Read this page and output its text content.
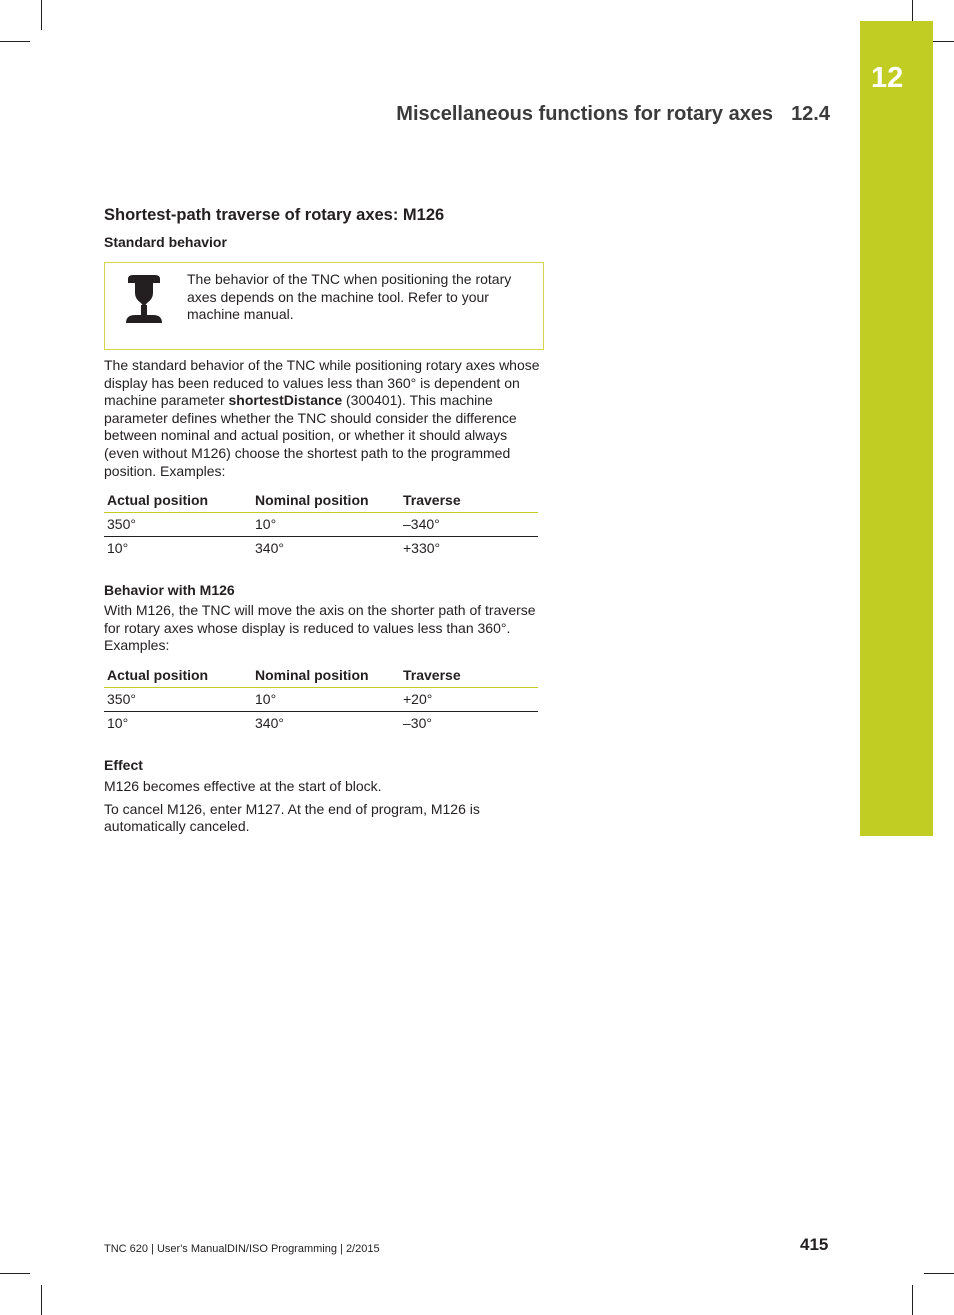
12
Miscellaneous functions for rotary axes 12.4
Shortest-path traverse of rotary axes: M126
Standard behavior
The behavior of the TNC when positioning the rotary axes depends on the machine tool. Refer to your machine manual.

The standard behavior of the TNC while positioning rotary axes whose display has been reduced to values less than 360° is dependent on machine parameter shortestDistance (300401). This machine parameter defines whether the TNC should consider the difference between nominal and actual position, or whether it should always (even without M126) choose the shortest path to the programmed position. Examples:

Actual position	Nominal position	Traverse
350°	10°	–340°
10°	340°	+330°
Behavior with M126

With M126, the TNC will move the axis on the shorter path of traverse for rotary axes whose display is reduced to values less than 360°. Examples:

Actual position	Nominal position	Traverse
350°	10°	+20°
10°	340°	–30°
Effect

M126 becomes effective at the start of block.

To cancel M126, enter M127. At the end of program, M126 is automatically canceled.

TNC 620 | User's ManualDIN/ISO Programming | 2/2015	415
